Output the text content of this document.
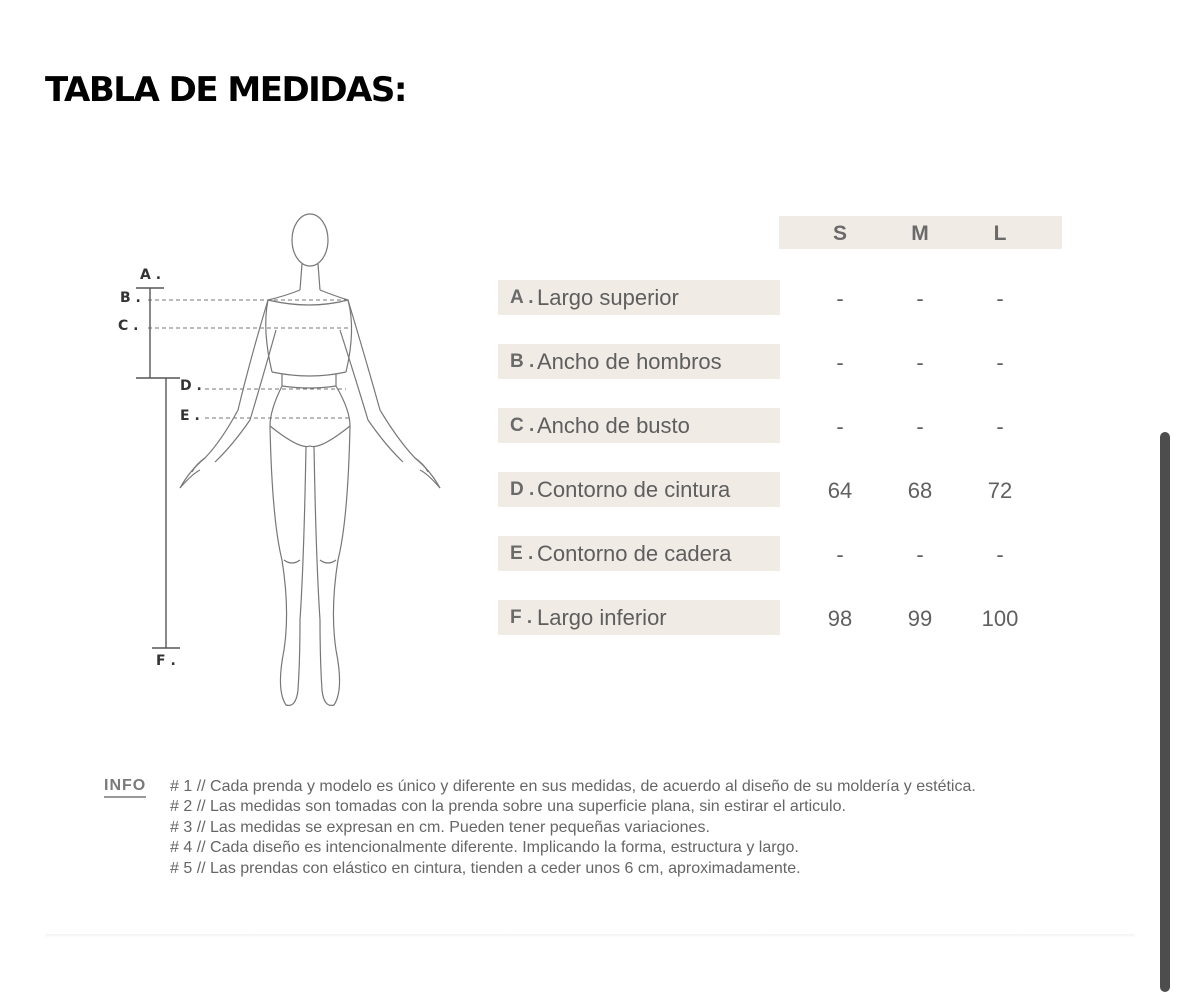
TABLA DE MEDIDAS:
A .
B .
C .
D .
E .
F .
S	M	L
A . Largo superior	-	-	-
B . Ancho de hombros	-	-	-
C . Ancho de busto	-	-	-
D . Contorno de cintura	64	68	72
E . Contorno de cadera	-	-	-
F . Largo inferior	98	99	100
INFO # 1 // Cada prenda y modelo es único y diferente en sus medidas, de acuerdo al diseño de su moldería y estética.
# 2 // Las medidas son tomadas con la prenda sobre una superficie plana, sin estirar el articulo.
# 3 // Las medidas se expresan en cm. Pueden tener pequeñas variaciones.
# 4 // Cada diseño es intencionalmente diferente. Implicando la forma, estructura y largo.
# 5 // Las prendas con elástico en cintura, tienden a ceder unos 6 cm, aproximadamente.
